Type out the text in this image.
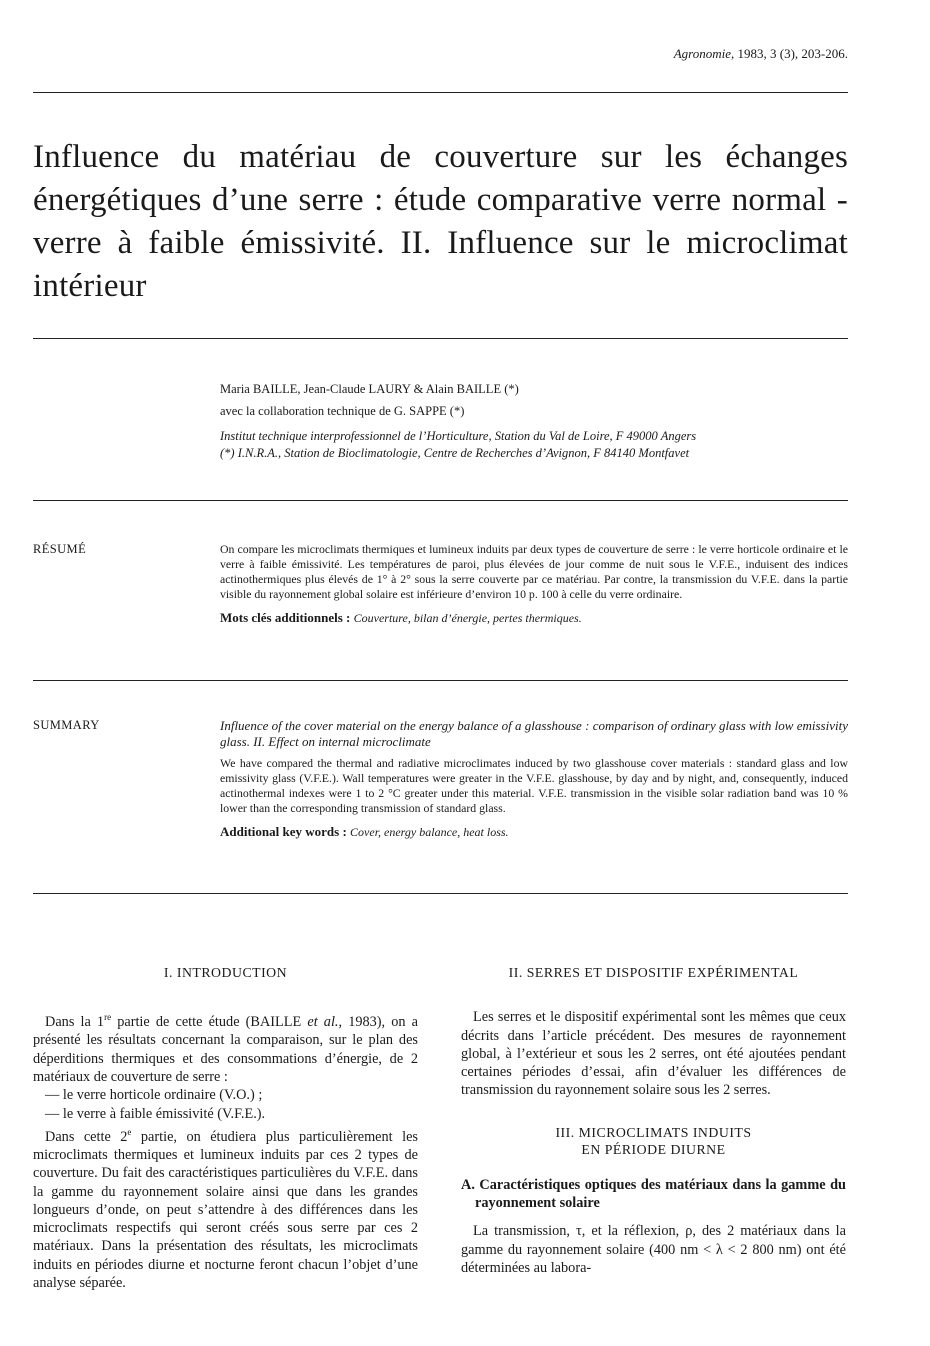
Agronomie, 1983, 3 (3), 203-206.
Influence du matériau de couverture sur les échanges énergétiques d’une serre : étude comparative verre normal - verre à faible émissivité. II. Influence sur le microclimat intérieur
Maria BAILLE, Jean-Claude LAURY & Alain BAILLE (*)
avec la collaboration technique de G. SAPPE (*)
Institut technique interprofessionnel de l’Horticulture, Station du Val de Loire, F 49000 Angers
(*) I.N.R.A., Station de Bioclimatologie, Centre de Recherches d’Avignon, F 84140 Montfavet
RÉSUMÉ	On compare les microclimats thermiques et lumineux induits par deux types de couverture de serre : le verre horticole ordinaire et le verre à faible émissivité. Les températures de paroi, plus élevées de jour comme de nuit sous le V.F.E., induisent des indices actinothermiques plus élevés de 1° à 2° sous la serre couverte par ce matériau. Par contre, la transmission du V.F.E. dans la partie visible du rayonnement global solaire est inférieure d’environ 10 p. 100 à celle du verre ordinaire.
Mots clés additionnels : Couverture, bilan d’énergie, pertes thermiques.
SUMMARY	Influence of the cover material on the energy balance of a glasshouse : comparison of ordinary glass with low emissivity glass. II. Effect on internal microclimate
We have compared the thermal and radiative microclimates induced by two glasshouse cover materials : standard glass and low emissivity glass (V.F.E.). Wall temperatures were greater in the V.F.E. glasshouse, by day and by night, and, consequently, induced actinothermal indexes were 1 to 2 °C greater under this material. V.F.E. transmission in the visible solar radiation band was 10 % lower than the corresponding transmission of standard glass.
Additional key words : Cover, energy balance, heat loss.
I. INTRODUCTION

Dans la 1re partie de cette étude (BAILLE et al., 1983), on a présenté les résultats concernant la comparaison, sur le plan des déperditions thermiques et des consommations d’énergie, de 2 matériaux de couverture de serre :

— le verre horticole ordinaire (V.O.) ;

— le verre à faible émissivité (V.F.E.).

Dans cette 2e partie, on étudiera plus particulièrement les microclimats thermiques et lumineux induits par ces 2 types de couverture. Du fait des caractéristiques particulières du V.F.E. dans la gamme du rayonnement solaire ainsi que dans les grandes longueurs d’onde, on peut s’attendre à des différences dans les microclimats respectifs qui seront créés sous serre par ces 2 matériaux. Dans la présentation des résultats, les microclimats induits en périodes diurne et nocturne feront chacun l’objet d’une analyse séparée.

II. SERRES ET DISPOSITIF EXPÉRIMENTAL

Les serres et le dispositif expérimental sont les mêmes que ceux décrits dans l’article précédent. Des mesures de rayonnement global, à l’extérieur et sous les 2 serres, ont été ajoutées pendant certaines périodes d’essai, afin d’évaluer les différences de transmission du rayonnement solaire sous les 2 serres.

III. MICROCLIMATS INDUITS
EN PÉRIODE DIURNE
A. Caractéristiques optiques des matériaux dans la gamme du rayonnement solaire

La transmission, τ, et la réflexion, ρ, des 2 matériaux dans la gamme du rayonnement solaire (400 nm < λ < 2 800 nm) ont été déterminées au labora-
